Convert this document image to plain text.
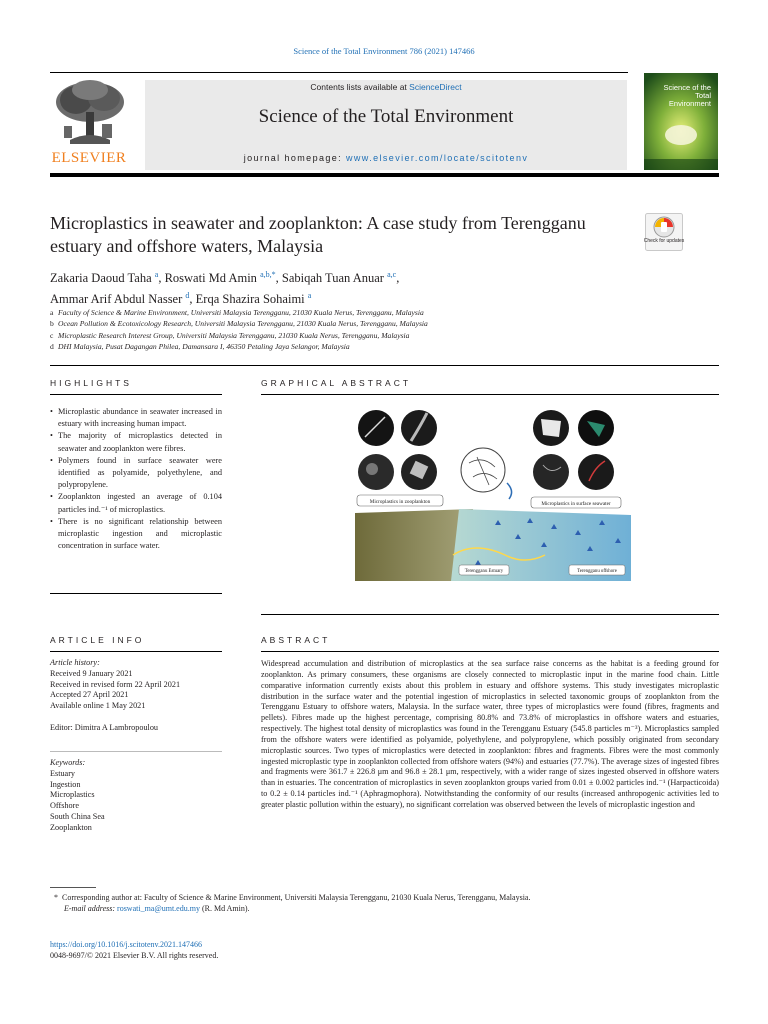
Science of the Total Environment 786 (2021) 147466
ELSEVIER
Contents lists available at ScienceDirect
Science of the Total Environment
journal homepage: www.elsevier.com/locate/scitotenv
Science of the Total Environment
Microplastics in seawater and zooplankton: A case study from Terengganu estuary and offshore waters, Malaysia	Check for updates
Zakaria Daoud Taha $^a$, Roswati Md Amin $^{a,b,*}$, Sabiqah Tuan Anuar $^{a,c}$,
Ammar Arif Abdul Nasser $^d$, Erqa Shazira Sohaimi $^a$
a Faculty of Science & Marine Environment, Universiti Malaysia Terengganu, 21030 Kuala Nerus, Terengganu, Malaysia
b Ocean Pollution & Ecotoxicology Research, Universiti Malaysia Terengganu, 21030 Kuala Nerus, Terengganu, Malaysia
c Microplastic Research Interest Group, Universiti Malaysia Terengganu, 21030 Kuala Nerus, Terengganu, Malaysia
d DHI Malaysia, Pusat Dagangan Philea, Damansara I, 46350 Petaling Jaya Selangor, Malaysia
HIGHLIGHTS
• Microplastic abundance in seawater increased in estuary with increasing human impact.
• The majority of microplastics detected in seawater and zooplankton were fibres.
• Polymers found in surface seawater were identified as polyamide, polyethylene, and polypropylene.
• Zooplankton ingested an average of 0.104 particles ind.⁻¹ of microplastics.
• There is no significant relationship between microplastic ingestion and microplastic concentration in surface water.
GRAPHICAL ABSTRACT
Microplastics in zooplankton	Microplastics in surface seawater
Terengganu Estuary	Terengganu offshore
ARTICLE INFO
Article history:
Received 9 January 2021
Received in revised form 22 April 2021
Accepted 27 April 2021
Available online 1 May 2021
Editor: Dimitra A Lambropoulou
Keywords:
Estuary
Ingestion
Microplastics
Offshore
South China Sea
Zooplankton
ABSTRACT
Widespread accumulation and distribution of microplastics at the sea surface raise concerns as the habitat is a feeding ground for zooplankton. As primary consumers, these organisms are closely connected to microplastic input in the marine food chain. Little comparative information currently exists about this problem in estuary and offshore systems. This study investigates microplastic distribution in the surface water and the potential ingestion of microplastics in selected taxonomic groups of zooplankton from the Terengganu Estuary to offshore waters, Malaysia. In the surface water, three types of microplastics were found (fibres, fragments and pellets). Fibres made up the highest percentage, comprising 80.8% and 73.8% of microplastics in offshore waters and estuaries, respectively. The highest total density of microplastics was found in the Terengganu Estuary (545.8 particles m⁻³). Microplastics sampled from the offshore waters were identified as polyamide, polyethylene, and polypropylene, which possibly originated from secondary microplastic sources. Two types of microplastics were detected in zooplankton: fibres and fragments. Fibres were the most commonly ingested microplastic type in zooplankton collected from offshore waters (94%) and estuaries (77.7%). The average sizes of ingested fibres and fragments were 361.7 ± 226.8 μm and 96.8 ± 28.1 μm, respectively, with a wider range of sizes ingested observed in offshore waters than in estuaries. The concentration of microplastics in seven zooplankton groups varied from 0.01 ± 0.002 particles ind.⁻¹ (Harpacticoida) to 0.2 ± 0.14 particles ind.⁻¹ (Aphragmophora). Notwithstanding the conformity of our results (increased anthropogenic activities led to greater plastic pollution within the estuary), no significant correlation was observed between the levels of microplastic ingestion and
* Corresponding author at: Faculty of Science & Marine Environment, Universiti Malaysia Terengganu, 21030 Kuala Nerus, Terengganu, Malaysia.
E-mail address: roswati_ma@umt.edu.my (R. Md Amin).
https://doi.org/10.1016/j.scitotenv.2021.147466
0048-9697/© 2021 Elsevier B.V. All rights reserved.
